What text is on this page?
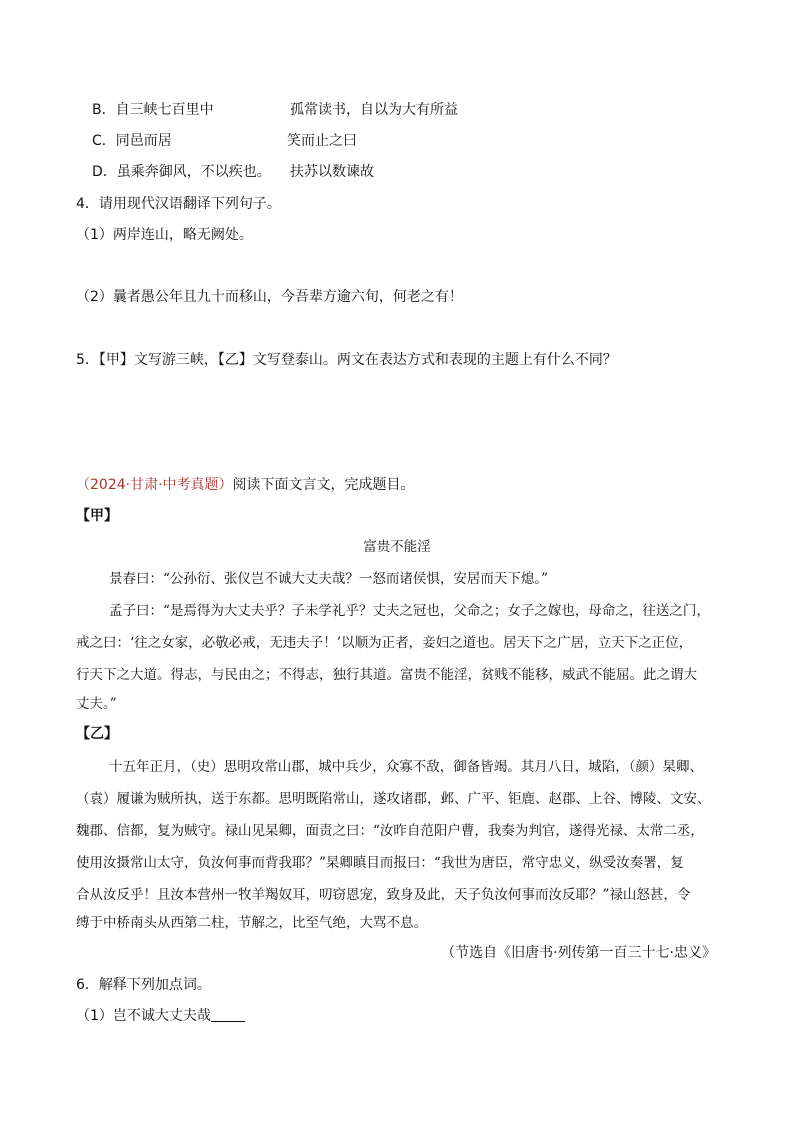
B．自三峡七百里中	孤常读书，自以为大有所益
C．同邑而居	笑而止之曰
D．虽乘奔御风，不以疾也。 扶苏以数谏故
4．请用现代汉语翻译下列句子。
（1）两岸连山，略无阙处。
（2）曩者愚公年且九十而移山，今吾辈方逾六旬，何老之有！
5．【甲】文写游三峡，【乙】文写登泰山。两文在表达方式和表现的主题上有什么不同？
（2024·甘肃·中考真题）阅读下面文言文，完成题目。
【甲】
富贵不能淫
景春曰：“公孙衍、张仪岂不诚大丈夫哉？一怒而诸侯惧，安居而天下熄。”
孟子曰：“是焉得为大丈夫乎？子未学礼乎？丈夫之冠也，父命之；女子之嫁也，母命之，往送之门，
戒之曰：‘往之女家，必敬必戒，无违夫子！’以顺为正者，妾妇之道也。居天下之广居，立天下之正位，
行天下之大道。得志，与民由之；不得志，独行其道。富贵不能淫，贫贱不能移，威武不能屈。此之谓大
丈夫。”
【乙】
十五年正月，（史）思明攻常山郡，城中兵少，众寡不敌，御备皆竭。其月八日，城陷，（颜）杲卿、
（袁）履谦为贼所执，送于东都。思明既陷常山，遂攻诸郡，邺、广平、钜鹿、赵郡、上谷、博陵、文安、
魏郡、信都，复为贼守。禄山见杲卿，面责之曰：“汝昨自范阳户曹，我奏为判官，遂得光禄、太常二丞，
使用汝摄常山太守，负汝何事而背我耶？”杲卿瞋目而报曰：“我世为唐臣，常守忠义，纵受汝奏署，复
合从汝反乎！且汝本营州一牧羊羯奴耳，叨窃恩宠，致身及此，天子负汝何事而汝反耶？”禄山怒甚，令
缚于中桥南头从西第二柱，节解之，比至气绝，大骂不息。
（节选自《旧唐书·列传第一百三十七·忠义》
6．解释下列加点词。
（1）岂不诚大丈夫哉
